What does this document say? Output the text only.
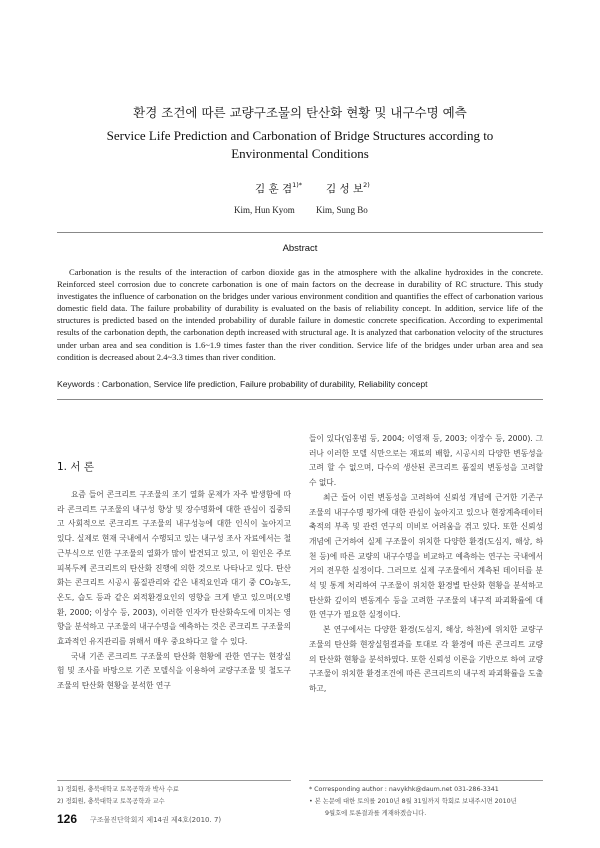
환경 조건에 따른 교량구조물의 탄산화 현황 및 내구수명 예측
Service Life Prediction and Carbonation of Bridge Structures according to
Environmental Conditions
김 훈 겸$^{1)*}$ 김 성 보$^{2)}$
Kim, Hun Kyom Kim, Sung Bo
Abstract

Carbonation is the results of the interaction of carbon dioxide gas in the atmosphere with the alkaline hydroxides in the concrete. Reinforced steel corrosion due to concrete carbonation is one of main factors on the decrease in durability of RC structure. This study investigates the influence of carbonation on the bridges under various environment condition and quantifies the effect of carbonation various domestic field data. The failure probability of durability is evaluated on the basis of reliability concept. In addition, service life of the structures is predicted based on the intended probability of durable failure in domestic concrete specification. According to experimental results of the carbonation depth, the carbonation depth increased with structural age. It is analyzed that carbonation velocity of the structures under urban area and sea condition is 1.6~1.9 times faster than the river condition. Service life of the bridges under urban area and sea condition is decreased about 2.4~3.3 times than river condition.

Keywords : Carbonation, Service life prediction, Failure probability of durability, Reliability concept
1. 서 론

요즘 들어 콘크리트 구조물의 조기 열화 문제가 자주 발생함에 따라 콘크리트 구조물의 내구성 향상 및 장수명화에 대한 관심이 집중되고 사회적으로 콘크리트 구조물의 내구성능에 대한 인식이 높아지고 있다. 실제로 현재 국내에서 수행되고 있는 내구성 조사 자료에서는 철근부식으로 인한 구조물의 열화가 많이 발견되고 있고, 이 원인은 주로 피복두께 콘크리트의 탄산화 진행에 의한 것으로 나타나고 있다. 탄산화는 콘크리트 시공시 품질관리와 같은 내적요인과 대기 중 CO₂농도, 온도, 습도 등과 같은 외적환경요인의 영향을 크게 받고 있으며(오병환, 2000; 이상수 등, 2003), 이러한 인자가 탄산화속도에 미치는 영향을 분석하고 구조물의 내구수명을 예측하는 것은 콘크리트 구조물의 효과적인 유지관리를 위해서 매우 중요하다고 할 수 있다.

국내 기존 콘크리트 구조물의 탄산화 현황에 관한 연구는 현장실험 및 조사를 바탕으로 기존 모델식을 이용하여 교량구조물 및 철도구조물의 탄산화 현황을 분석한 연구

들이 있다(임홍범 등, 2004; 이영재 등, 2003; 이장수 등, 2000). 그러나 이러한 모델 식만으로는 재료의 배합, 시공시의 다양한 변동성을 고려 할 수 없으며, 다수의 생산된 콘크리트 품질의 변동성을 고려할 수 없다.

최근 들어 이런 변동성을 고려하여 신뢰성 개념에 근거한 기존구조물의 내구수명 평가에 대한 관심이 높아지고 있으나 현장계측데이터 축적의 부족 및 관련 연구의 미비로 어려움을 겪고 있다. 또한 신뢰성 개념에 근거하여 실제 구조물이 위치한 다양한 환경(도심지, 해상, 하천 등)에 따른 교량의 내구수명을 비교하고 예측하는 연구는 국내에서 거의 전무한 실정이다. 그러므로 실제 구조물에서 계측된 데이터를 분석 및 통계 처리하여 구조물이 위치한 환경별 탄산화 현황을 분석하고 탄산화 깊이의 변동계수 등을 고려한 구조물의 내구적 파괴확률에 대한 연구가 필요한 실정이다.

본 연구에서는 다양한 환경(도심지, 해상, 하천)에 위치한 교량구조물의 탄산화 현장실험결과를 토대로 각 환경에 따른 콘크리트 교량의 탄산화 현황을 분석하였다. 또한 신뢰성 이론을 기반으로 하여 교량구조물이 위치한 환경조건에 따른 콘크리트의 내구적 파괴확률을 도출하고,

1) 정회원, 충북대학교 토목공학과 박사 수료
2) 정회원, 충북대학교 토목공학과 교수
* Corresponding author : navykhk@daum.net 031-286-3341
• 본 논문에 대한 토의를 2010년 8월 31일까지 학회로 보내주시면 2010년
9월호에 토론결과를 게재하겠습니다.
126 구조물진단학회지 제14권 제4호(2010. 7)
